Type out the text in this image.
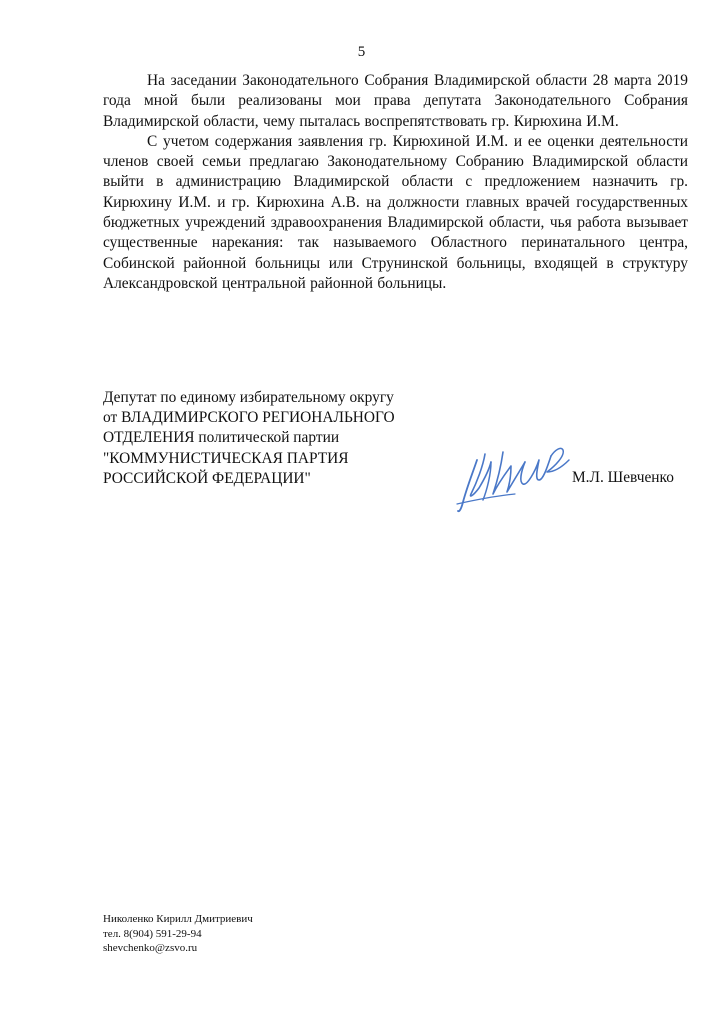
5

На заседании Законодательного Собрания Владимирской области 28 марта 2019 года мной были реализованы мои права депутата Законодательного Собрания Владимирской области, чему пыталась воспрепятствовать гр. Кирюхина И.М.

С учетом содержания заявления гр. Кирюхиной И.М. и ее оценки деятельности членов своей семьи предлагаю Законодательному Собранию Владимирской области выйти в администрацию Владимирской области с предложением назначить гр. Кирюхину И.М. и гр. Кирюхина А.В. на должности главных врачей государственных бюджетных учреждений здравоохранения Владимирской области, чья работа вызывает существенные нарекания: так называемого Областного перинатального центра, Собинской районной больницы или Струнинской больницы, входящей в структуру Александровской центральной районной больницы.

Депутат по единому избирательному округу
от ВЛАДИМИРСКОГО РЕГИОНАЛЬНОГО
ОТДЕЛЕНИЯ политической партии
"КОММУНИСТИЧЕСКАЯ ПАРТИЯ
РОССИЙСКОЙ ФЕДЕРАЦИИ"	М.Л. Шевченко
Николенко Кирилл Дмитриевич
тел. 8(904) 591-29-94
shevchenko@zsvo.ru
